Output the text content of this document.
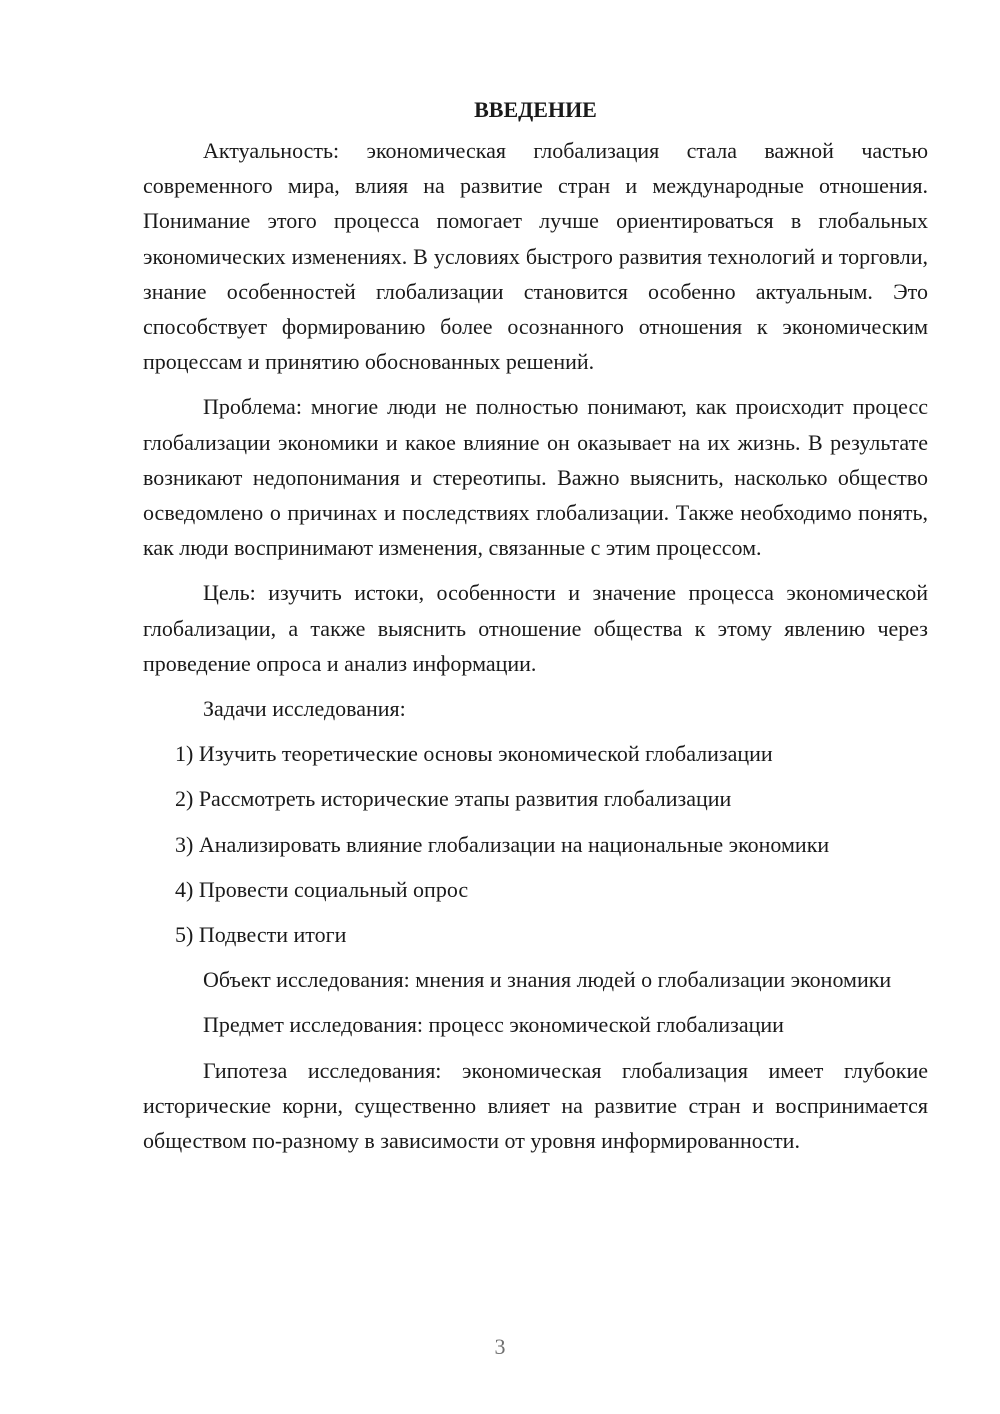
ВВЕДЕНИЕ

Актуальность: экономическая глобализация стала важной частью современного мира, влияя на развитие стран и международные отношения. Понимание этого процесса помогает лучше ориентироваться в глобальных экономических изменениях. В условиях быстрого развития технологий и торговли, знание особенностей глобализации становится особенно актуальным. Это способствует формированию более осознанного отношения к экономическим процессам и принятию обоснованных решений.

Проблема: многие люди не полностью понимают, как происходит процесс глобализации экономики и какое влияние он оказывает на их жизнь. В результате возникают недопонимания и стереотипы. Важно выяснить, насколько общество осведомлено о причинах и последствиях глобализации. Также необходимо понять, как люди воспринимают изменения, связанные с этим процессом.

Цель: изучить истоки, особенности и значение процесса экономической глобализации, а также выяснить отношение общества к этому явлению через проведение опроса и анализ информации.

Задачи исследования:

1) Изучить теоретические основы экономической глобализации
2) Рассмотреть исторические этапы развития глобализации
3) Анализировать влияние глобализации на национальные экономики
4) Провести социальный опрос
5) Подвести итоги

Объект исследования: мнения и знания людей о глобализации экономики

Предмет исследования: процесс экономической глобализации

Гипотеза исследования: экономическая глобализация имеет глубокие исторические корни, существенно влияет на развитие стран и воспринимается обществом по-разному в зависимости от уровня информированности.

3
